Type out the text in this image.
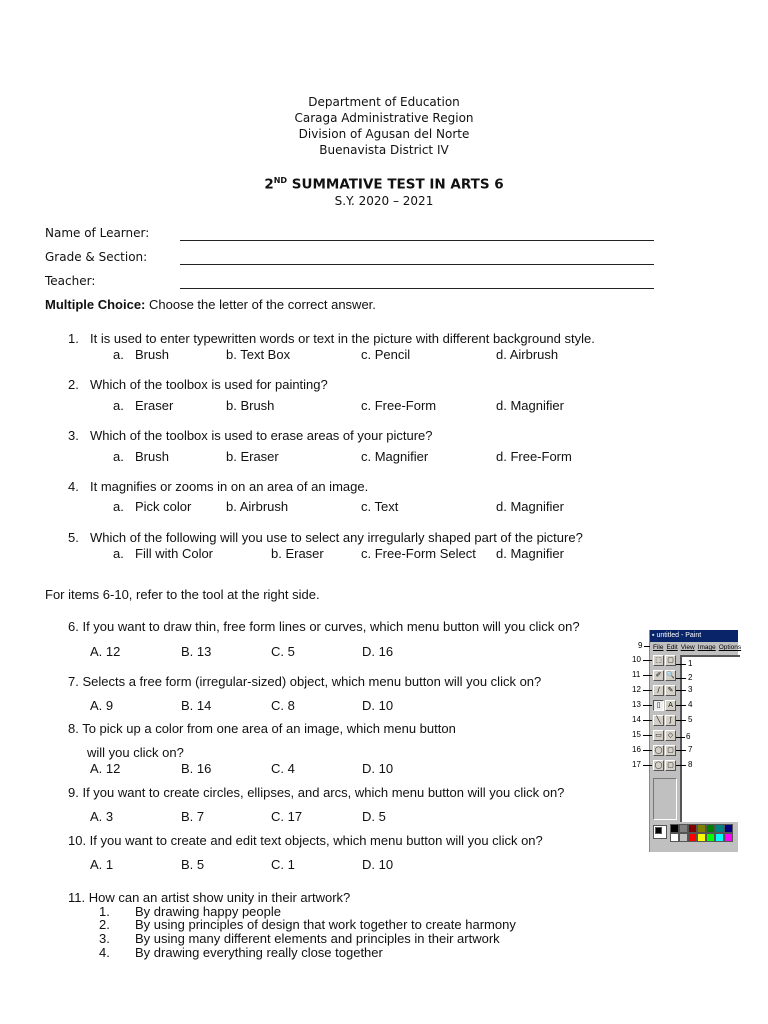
Department of Education
Caraga Administrative Region
Division of Agusan del Norte
Buenavista District IV
2ND SUMMATIVE TEST IN ARTS 6
S.Y. 2020 – 2021
Name of Learner:
Grade & Section:
Teacher:
Multiple Choice: Choose the letter of the correct answer.
1. It is used to enter typewritten words or text in the picture with different background style.
a. Brush	b. Text Box	c. Pencil	d. Airbrush
2. Which of the toolbox is used for painting?
a. Eraser	b. Brush	c. Free-Form	d. Magnifier
3. Which of the toolbox is used to erase areas of your picture?
a. Brush	b. Eraser	c. Magnifier	d. Free-Form
4. It magnifies or zooms in on an area of an image.
a. Pick color	b. Airbrush	c. Text	d. Magnifier
5. Which of the following will you use to select any irregularly shaped part of the picture?
a. Fill with Color	b. Eraser	c. Free-Form Select d. Magnifier
For items 6-10, refer to the tool at the right side.
6. If you want to draw thin, free form lines or curves, which menu button will you click on?
A. 12	B. 13	C. 5	D. 16
7. Selects a free form (irregular-sized) object, which menu button will you click on?
A. 9	B. 14	C. 8	D. 10
8. To pick up a color from one area of an image, which menu button
will you click on?
A. 12	B. 16	C. 4	D. 10
9. If you want to create circles, ellipses, and arcs, which menu button will you click on?
A. 3	B. 7	C. 17	D. 5
10. If you want to create and edit text objects, which menu button will you click on?
A. 1	B. 5	C. 1	D. 10
11. How can an artist show unity in their artwork?
1. By drawing happy people
2. By using principles of design that work together to create harmony
3. By using many different elements and principles in their artwork
4. By drawing everything really close together
▪ untitled - Paint
File Edit View Image Options
⬚ ▢
✐ 🔍
/	✎
▯	A
╲	∫
▭ ◇
◯ ▢
◯ ▢
9
10
11
12
13
14
15
16
17
1
2
3
4
5
6
7
8
